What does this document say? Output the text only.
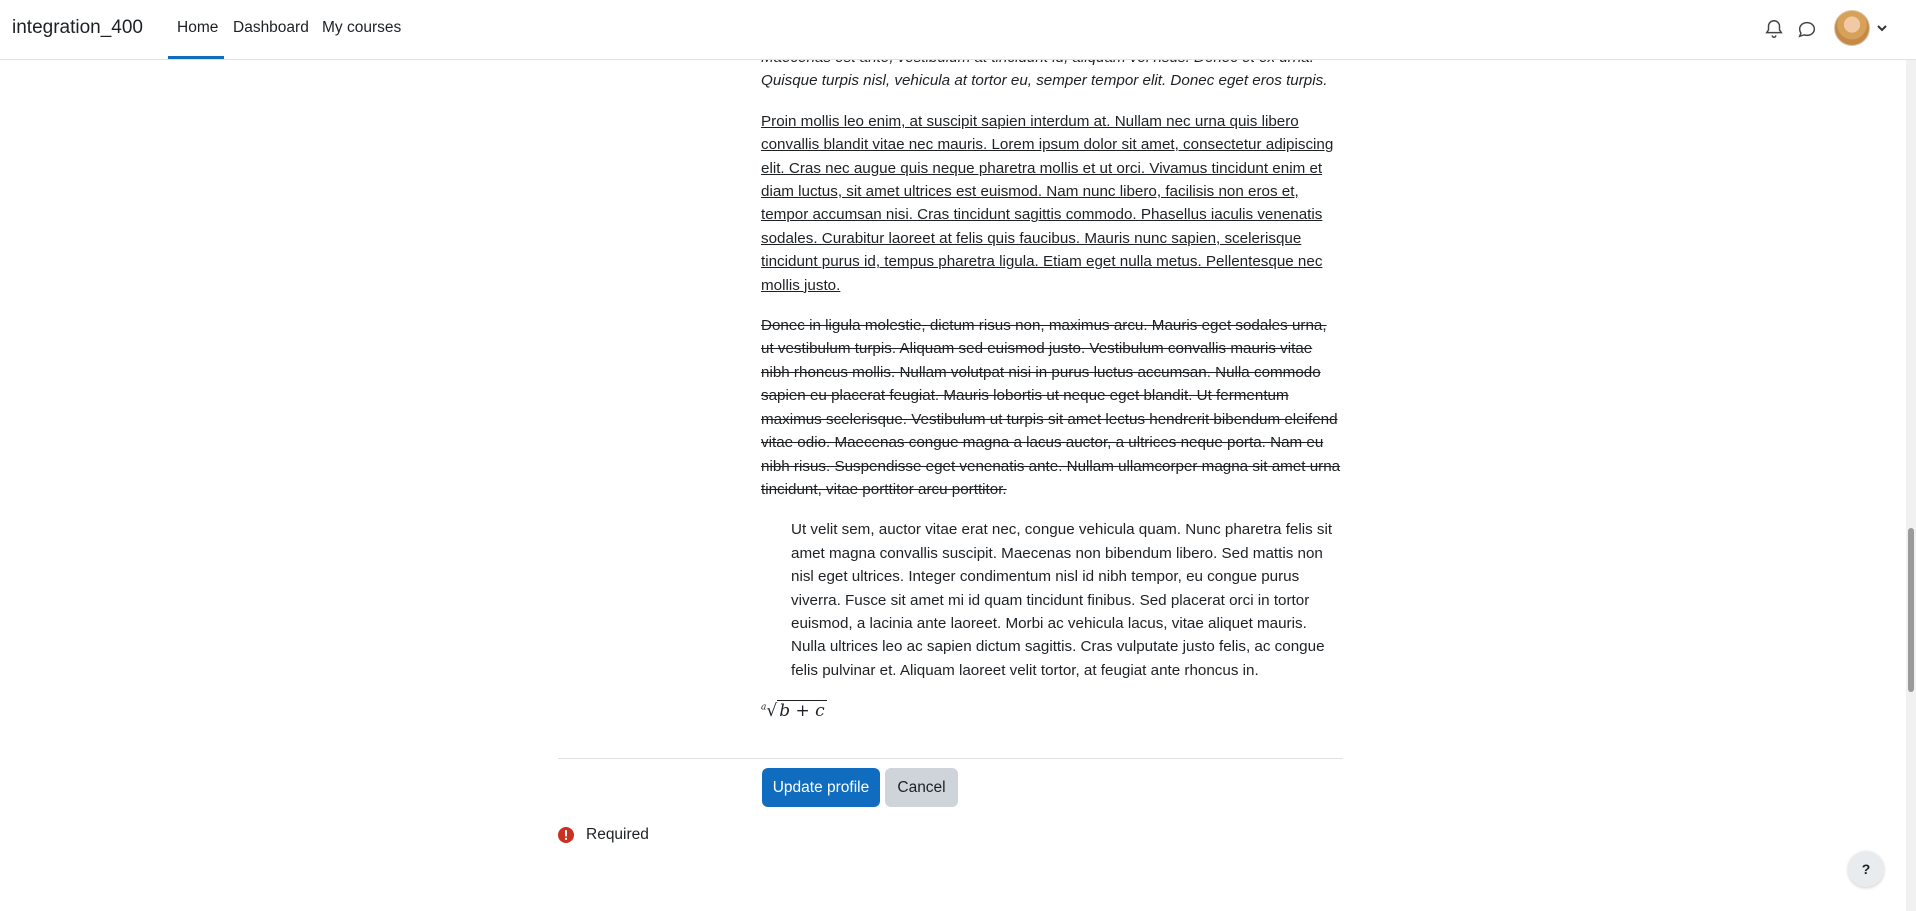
integration_400 Home Dashboard My courses

Quisque turpis nisl, vehicula at tortor eu, semper tempor elit. Donec eget eros turpis.

Proin mollis leo enim, at suscipit sapien interdum at. Nullam nec urna quis libero convallis blandit vitae nec mauris. Lorem ipsum dolor sit amet, consectetur adipiscing elit. Cras nec augue quis neque pharetra mollis et ut orci. Vivamus tincidunt enim et diam luctus, sit amet ultrices est euismod. Nam nunc libero, facilisis non eros et, tempor accumsan nisi. Cras tincidunt sagittis commodo. Phasellus iaculis venenatis sodales. Curabitur laoreet at felis quis faucibus. Mauris nunc sapien, scelerisque tincidunt purus id, tempus pharetra ligula. Etiam eget nulla metus. Pellentesque nec mollis justo.

Donec in ligula molestie, dictum risus non, maximus arcu. Mauris eget sodales urna, ut vestibulum turpis. Aliquam sed euismod justo. Vestibulum convallis mauris vitae nibh rhoncus mollis. Nullam volutpat nisi in purus luctus accumsan. Nulla commodo sapien eu placerat feugiat. Mauris lobortis ut neque eget blandit. Ut fermentum maximus scelerisque. Vestibulum ut turpis sit amet lectus hendrerit bibendum eleifend vitae odio. Maecenas congue magna a lacus auctor, a ultrices neque porta. Nam eu nibh risus. Suspendisse eget venenatis ante. Nullam ullamcorper magna sit amet urna tincidunt, vitae porttitor arcu porttitor.

Ut velit sem, auctor vitae erat nec, congue vehicula quam. Nunc pharetra felis sit amet magna convallis suscipit. Maecenas non bibendum libero. Sed mattis non nisl eget ultrices. Integer condimentum nisl id nibh tempor, eu congue purus viverra. Fusce sit amet mi id quam tincidunt finibus. Sed placerat orci in tortor euismod, a lacinia ante laoreet. Morbi ac vehicula lacus, vitae aliquet mauris. Nulla ultrices leo ac sapien dictum sagittis. Cras vulputate justo felis, ac congue felis pulvinar et. Aliquam laoreet velit tortor, at feugiat ante rhoncus in.

$^a$√ b + c
Update profile	Cancel
Required
?
